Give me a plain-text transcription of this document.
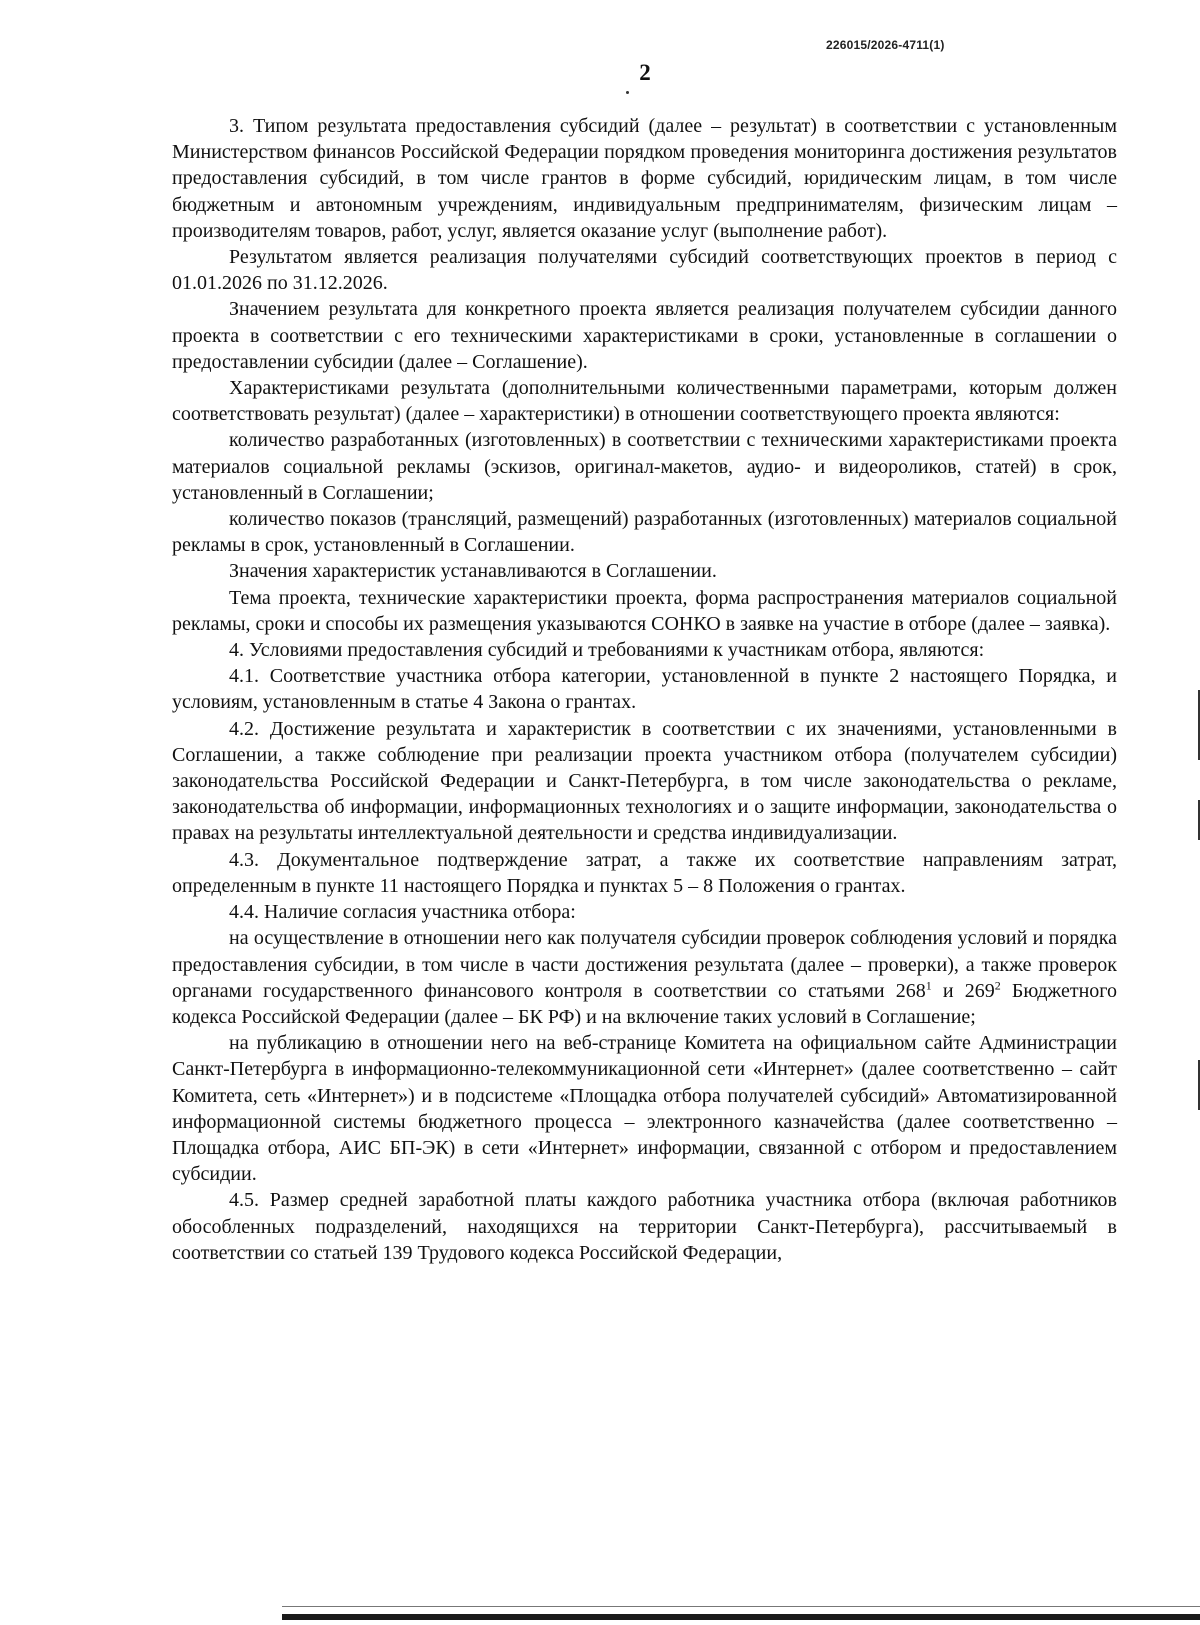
226015/2026-4711(1)
2

3. Типом результата предоставления субсидий (далее – результат) в соответствии с установленным Министерством финансов Российской Федерации порядком проведения мониторинга достижения результатов предоставления субсидий, в том числе грантов в форме субсидий, юридическим лицам, в том числе бюджетным и автономным учреждениям, индивидуальным предпринимателям, физическим лицам – производителям товаров, работ, услуг, является оказание услуг (выполнение работ).

Результатом является реализация получателями субсидий соответствующих проектов в период с 01.01.2026 по 31.12.2026.

Значением результата для конкретного проекта является реализация получателем субсидии данного проекта в соответствии с его техническими характеристиками в сроки, установленные в соглашении о предоставлении субсидии (далее – Соглашение).

Характеристиками результата (дополнительными количественными параметрами, которым должен соответствовать результат) (далее – характеристики) в отношении соответствующего проекта являются:

количество разработанных (изготовленных) в соответствии с техническими характеристиками проекта материалов социальной рекламы (эскизов, оригинал-макетов, аудио- и видеороликов, статей) в срок, установленный в Соглашении;

количество показов (трансляций, размещений) разработанных (изготовленных) материалов социальной рекламы в срок, установленный в Соглашении.

Значения характеристик устанавливаются в Соглашении.

Тема проекта, технические характеристики проекта, форма распространения материалов социальной рекламы, сроки и способы их размещения указываются СОНКО в заявке на участие в отборе (далее – заявка).

4. Условиями предоставления субсидий и требованиями к участникам отбора, являются:

4.1. Соответствие участника отбора категории, установленной в пункте 2 настоящего Порядка, и условиям, установленным в статье 4 Закона о грантах.

4.2. Достижение результата и характеристик в соответствии с их значениями, установленными в Соглашении, а также соблюдение при реализации проекта участником отбора (получателем субсидии) законодательства Российской Федерации и Санкт-Петербурга, в том числе законодательства о рекламе, законодательства об информации, информационных технологиях и о защите информации, законодательства о правах на результаты интеллектуальной деятельности и средства индивидуализации.

4.3. Документальное подтверждение затрат, а также их соответствие направлениям затрат, определенным в пункте 11 настоящего Порядка и пунктах 5 – 8 Положения о грантах.

4.4. Наличие согласия участника отбора:

на осуществление в отношении него как получателя субсидии проверок соблюдения условий и порядка предоставления субсидии, в том числе в части достижения результата (далее – проверки), а также проверок органами государственного финансового контроля в соответствии со статьями $268^1$ и $269^2$ Бюджетного кодекса Российской Федерации (далее – БК РФ) и на включение таких условий в Соглашение;

на публикацию в отношении него на веб-странице Комитета на официальном сайте Администрации Санкт-Петербурга в информационно-телекоммуникационной сети «Интернет» (далее соответственно – сайт Комитета, сеть «Интернет») и в подсистеме «Площадка отбора получателей субсидий» Автоматизированной информационной системы бюджетного процесса – электронного казначейства (далее соответственно – Площадка отбора, АИС БП-ЭК) в сети «Интернет» информации, связанной с отбором и предоставлением субсидии.

4.5. Размер средней заработной платы каждого работника участника отбора (включая работников обособленных подразделений, находящихся на территории Санкт-Петербурга), рассчитываемый в соответствии со статьей 139 Трудового кодекса Российской Федерации,
